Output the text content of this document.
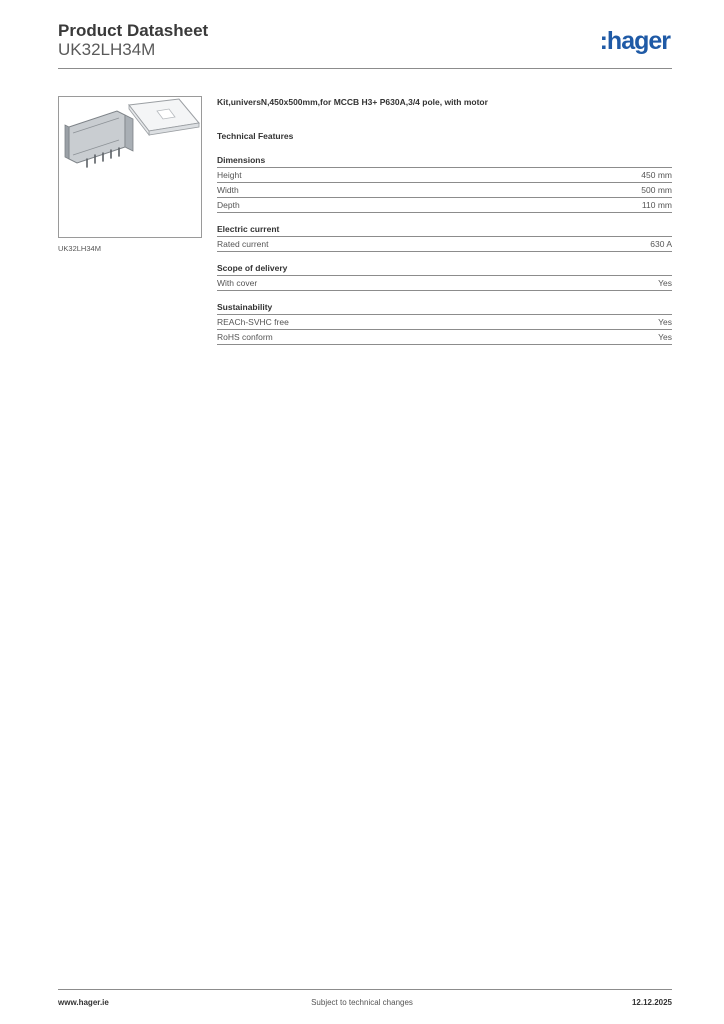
Product Datasheet
UK32LH34M	:hager
UK32LH34M
Kit,universN,450x500mm,for MCCB H3+ P630A,3/4 pole, with motor
Technical Features
Dimensions
Height	450 mm
Width	500 mm
Depth	110 mm
Electric current
Rated current	630 A
Scope of delivery
With cover	Yes
Sustainability
REACh-SVHC free	Yes
RoHS conform	Yes
www.hager.ie	Subject to technical changes	12.12.2025
